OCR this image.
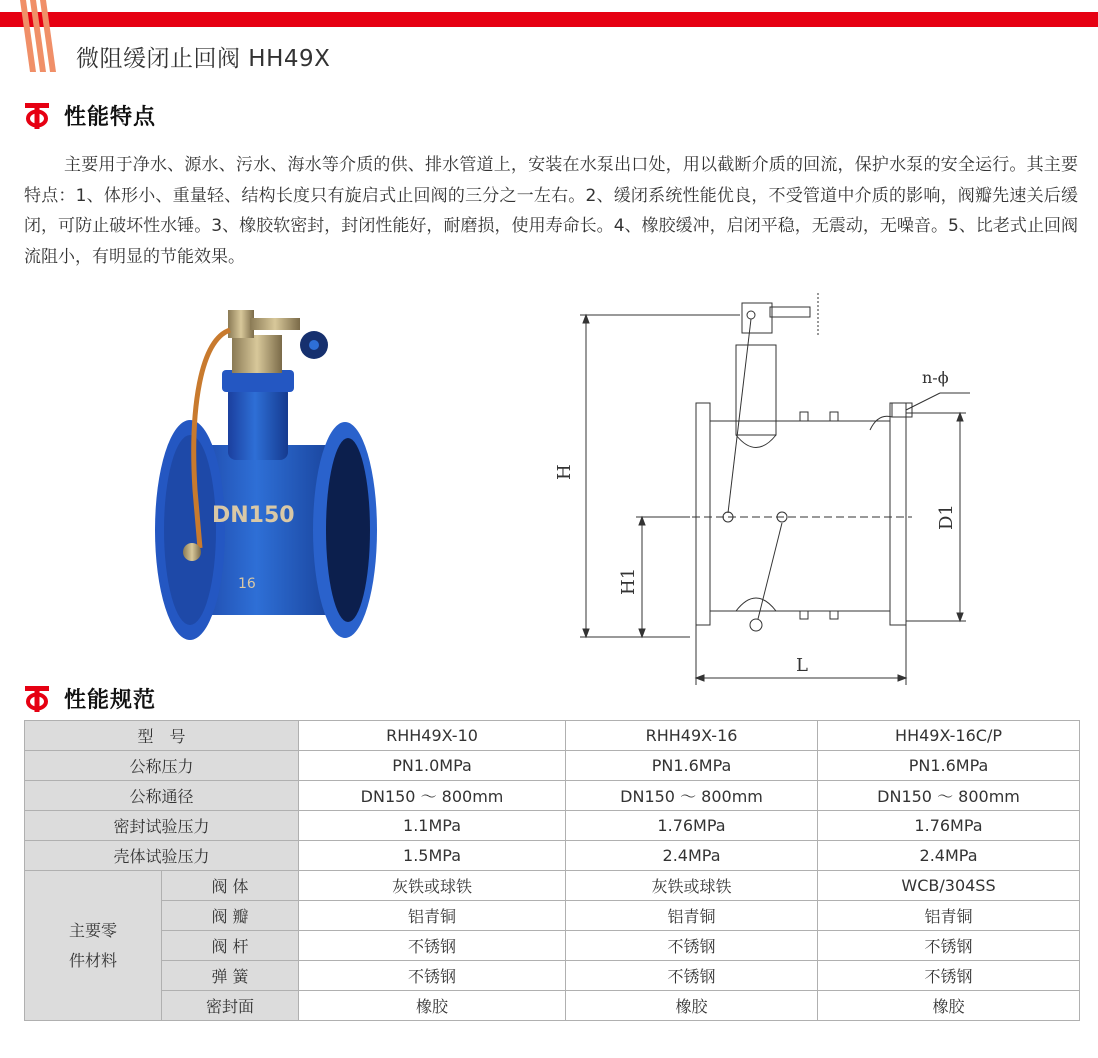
微阻缓闭止回阀 HH49X
性能特点

主要用于净水、源水、污水、海水等介质的供、排水管道上，安装在水泵出口处，用以截断介质的回流，保护水泵的安全运行。其主要特点：1、体形小、重量轻、结构长度只有旋启式止回阀的三分之一左右。2、缓闭系统性能优良，不受管道中介质的影响，阀瓣先速关后缓闭，可防止破坏性水锤。3、橡胶软密封，封闭性能好，耐磨损，使用寿命长。4、橡胶缓冲，启闭平稳，无震动，无噪音。5、比老式止回阀流阻小，有明显的节能效果。

DN150
16
H
H1
n-ϕ
D1
L
性能规范
型　号		RHH49X-10	RHH49X-16	HH49X-16C/P
公称压力		PN1.0MPa	PN1.6MPa	PN1.6MPa
公称通径		DN150 ～ 800mm	DN150 ～ 800mm	DN150 ～ 800mm
密封试验压力		1.1MPa	1.76MPa	1.76MPa
壳体试验压力		1.5MPa	2.4MPa	2.4MPa

主要零
件材料	阀 体	灰铁或球铁	灰铁或球铁	WCB/304SS
	阀 瓣	铝青铜	铝青铜	铝青铜
	阀 杆	不锈钢	不锈钢	不锈钢
	弹 簧	不锈钢	不锈钢	不锈钢
	密封面	橡胶	橡胶	橡胶
